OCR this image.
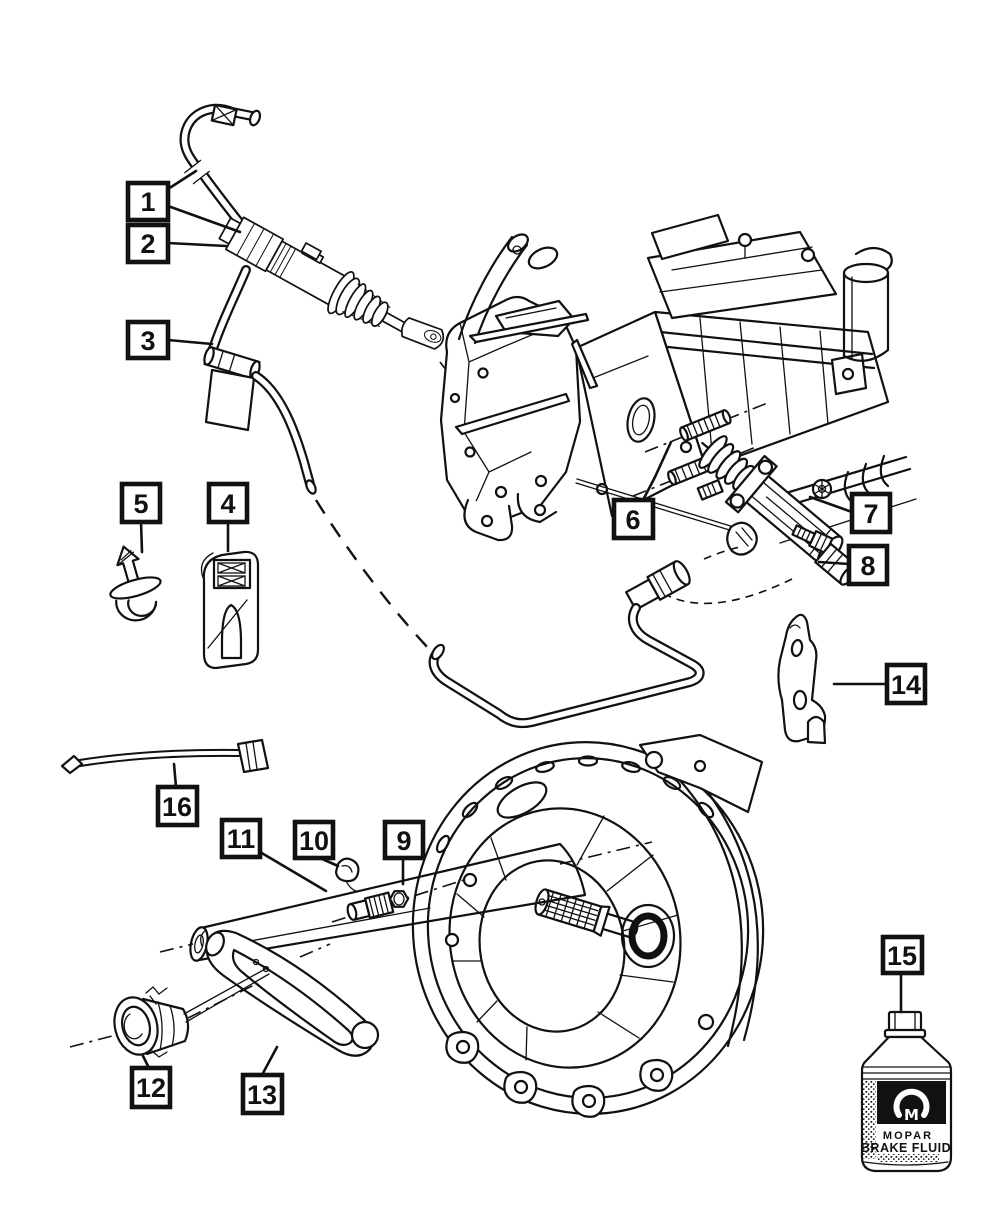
M
MOPAR
BRAKE FLUID
1
2
3
5	4
6	7
8
14
16
11 10 9
12	13
15
